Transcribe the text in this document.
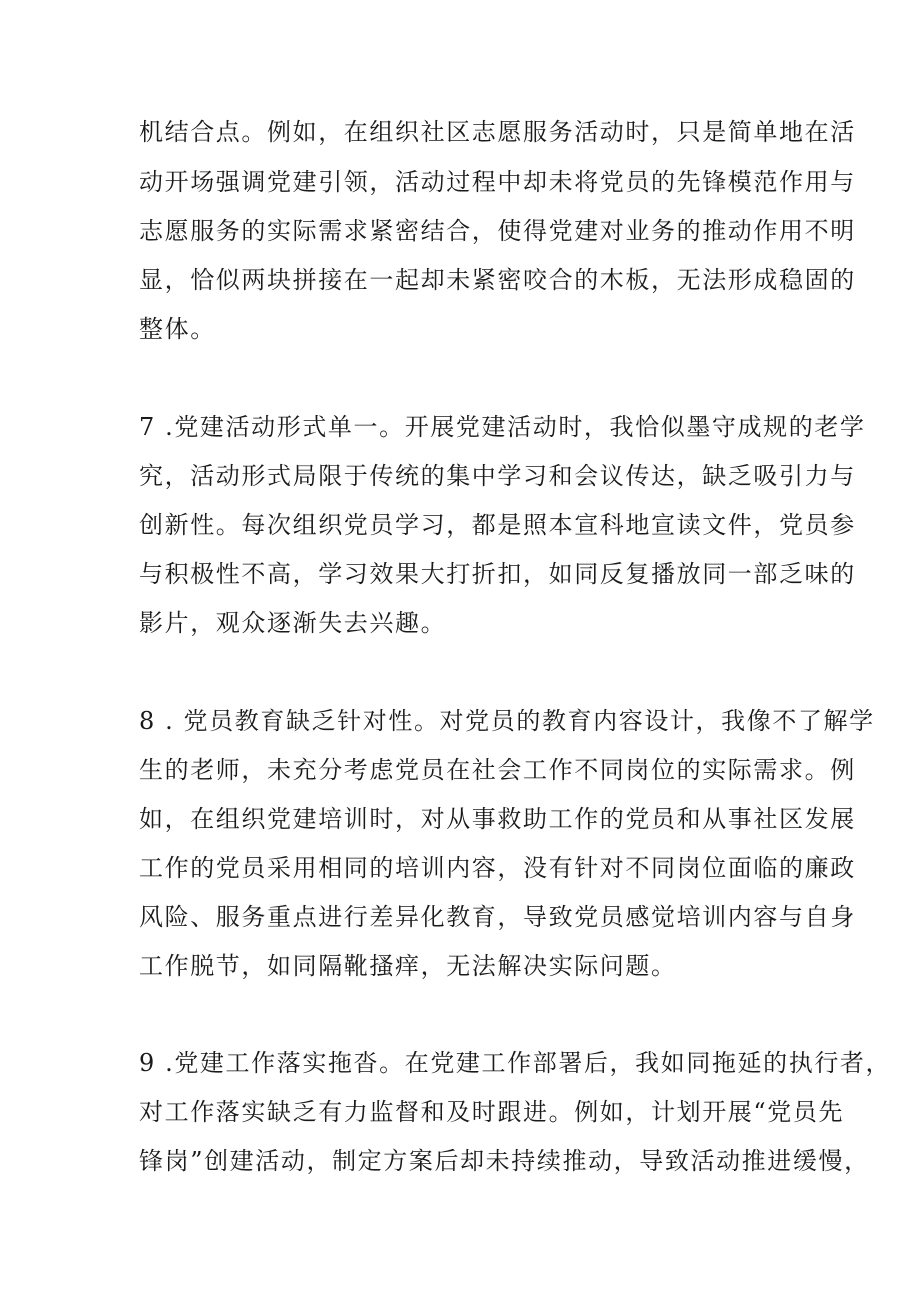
机结合点。例如，在组织社区志愿服务活动时，只是简单地在活
动开场强调党建引领，活动过程中却未将党员的先锋模范作用与
志愿服务的实际需求紧密结合，使得党建对业务的推动作用不明
显，恰似两块拼接在一起却未紧密咬合的木板，无法形成稳固的
整体。
7 .党建活动形式单一。开展党建活动时，我恰似墨守成规的老学
究，活动形式局限于传统的集中学习和会议传达，缺乏吸引力与
创新性。每次组织党员学习，都是照本宣科地宣读文件，党员参
与积极性不高，学习效果大打折扣，如同反复播放同一部乏味的
影片，观众逐渐失去兴趣。
8 . 党员教育缺乏针对性。对党员的教育内容设计，我像不了解学
生的老师，未充分考虑党员在社会工作不同岗位的实际需求。例
如，在组织党建培训时，对从事救助工作的党员和从事社区发展
工作的党员采用相同的培训内容，没有针对不同岗位面临的廉政
风险、服务重点进行差异化教育，导致党员感觉培训内容与自身
工作脱节，如同隔靴搔痒，无法解决实际问题。
9 .党建工作落实拖沓。在党建工作部署后，我如同拖延的执行者，
对工作落实缺乏有力监督和及时跟进。例如，计划开展“党员先
锋岗”创建活动，制定方案后却未持续推动，导致活动推进缓慢，
